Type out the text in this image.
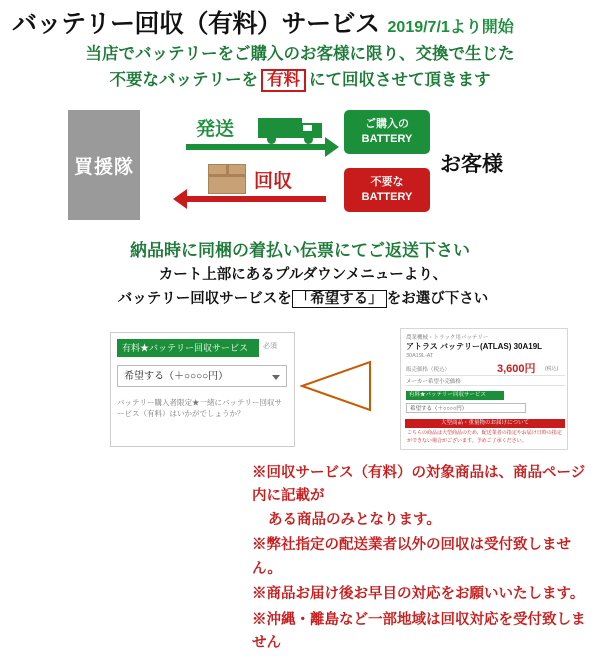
バッテリー回収（有料）サービス 2019/7/1より開始
当店でバッテリーをご購入のお客様に限り、交換で生じた
不要なバッテリーを 有料 にて回収させて頂きます
買援隊
発送
回収
ご購入の
BATTERY
不要な
BATTERY
お客様
納品時に同梱の着払い伝票にてご返送下さい
カート上部にあるプルダウンメニューより、
バッテリー回収サービスを 「希望する」 をお選び下さい
有料★バッテリー回収サービス	必須
希望する（＋○○○○円）
バッテリー購入者限定★一緒にバッテリー回収サービス（有料）はいかがでしょうか？
農業機械・トラック用バッテリー
アトラス バッテリー(ATLAS) 30A19L
30A19L-AT
販売価格（税込）	3,600円 (税込)
メーカー希望小売価格
有料★バッテリー回収サービス
希望する（＋○○○○円）
大型商品・重量物のお届けについて
こちらの商品は大型商品のため、配送業者の指定やお届け日時の指定ができない場合がございます。予めご了承ください。
※回収サービス（有料）の対象商品は、商品ページ内に記載が
ある商品のみとなります。
※弊社指定の配送業者以外の回収は受付致しません。
※商品お届け後お早目の対応をお願いいたします。
※沖縄・離島など一部地域は回収対応を受付致しません
